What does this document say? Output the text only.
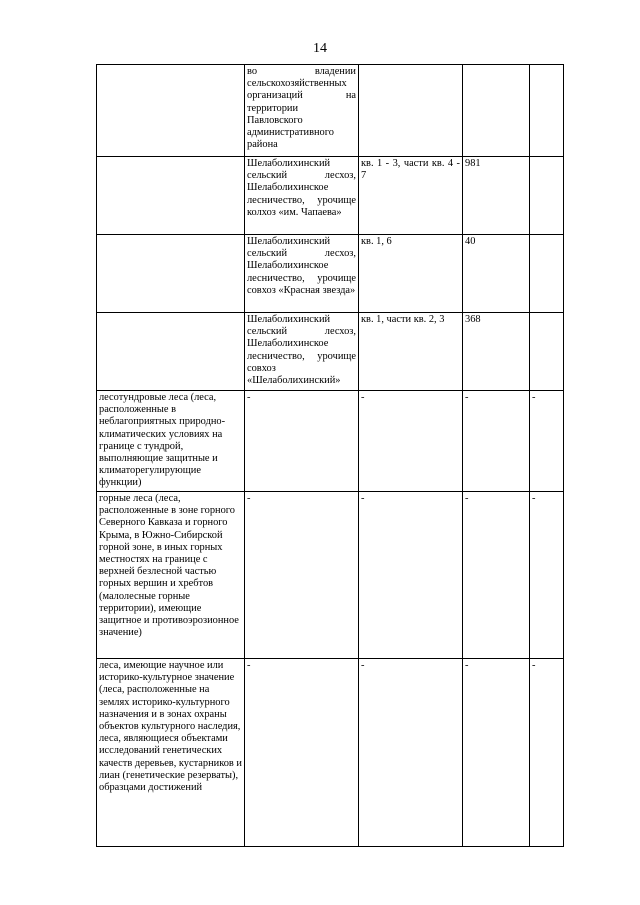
14

	во владении сельскохозяйственных организаций на территории Павловского административного района			

	Шелаболихинский сельский лесхоз, Шелаболихинское лесничество, урочище колхоз «им. Чапаева»	кв. 1 - 3, части кв. 4 - 7	981	

	Шелаболихинский сельский лесхоз, Шелаболихинское лесничество, урочище совхоз «Красная звезда»	кв. 1, 6	40	

	Шелаболихинский сельский лесхоз, Шелаболихинское лесничество, урочище совхоз «Шелаболихинский»	кв. 1, части кв. 2, 3	368	

лесотундровые леса (леса, расположенные в неблагоприятных природно-климатических условиях на границе с тундрой, выполняющие защитные и климаторегулирующие функции)	-	-	-	-

горные леса (леса, расположенные в зоне горного Северного Кавказа и горного Крыма, в Южно-Сибирской горной зоне, в иных горных местностях на границе с верхней безлесной частью горных вершин и хребтов (малолесные горные территории), имеющие защитное и противоэрозионное значение)	-	-	-	-

леса, имеющие научное или историко-культурное значение (леса, расположенные на землях историко-культурного назначения и в зонах охраны объектов культурного наследия, леса, являющиеся объектами исследований генетических качеств деревьев, кустарников и лиан (генетические резерваты), образцами достижений	-	-	-	-
